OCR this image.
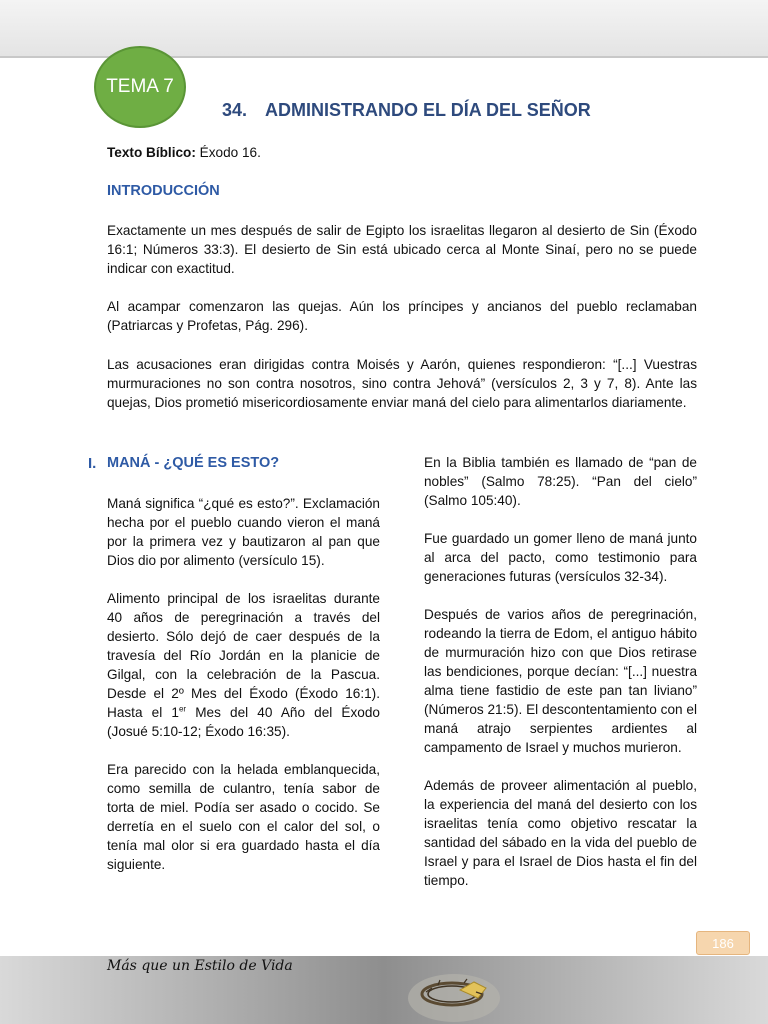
TEMA 7
34. ADMINISTRANDO EL DÍA DEL SEÑOR
Texto Bíblico: Éxodo 16.
INTRODUCCIÓN
Exactamente un mes después de salir de Egipto los israelitas llegaron al desierto de Sin (Éxodo 16:1; Números 33:3). El desierto de Sin está ubicado cerca al Monte Sinaí, pero no se puede indicar con exactitud.
Al acampar comenzaron las quejas. Aún los príncipes y ancianos del pueblo reclamaban (Patriarcas y Profetas, Pág. 296).
Las acusaciones eran dirigidas contra Moisés y Aarón, quienes respondieron: “[...] Vuestras murmuraciones no son contra nosotros, sino contra Jehová” (versículos 2, 3 y 7, 8). Ante las quejas, Dios prometió misericordiosamente enviar maná del cielo para alimentarlos diariamente.
I. MANÁ - ¿QUÉ ES ESTO?

Maná significa “¿qué es esto?”. Exclamación hecha por el pueblo cuando vieron el maná por la primera vez y bautizaron al pan que Dios dio por alimento (versículo 15).

Alimento principal de los israelitas durante 40 años de peregrinación a través del desierto. Sólo dejó de caer después de la travesía del Río Jordán en la planicie de Gilgal, con la celebración de la Pascua. Desde el 2º Mes del Éxodo (Éxodo 16:1). Hasta el 1er Mes del 40 Año del Éxodo (Josué 5:10-12; Éxodo 16:35).

Era parecido con la helada emblanquecida, como semilla de culantro, tenía sabor de torta de miel. Podía ser asado o cocido. Se derretía en el suelo con el calor del sol, o tenía mal olor si era guardado hasta el día siguiente.

En la Biblia también es llamado de “pan de nobles” (Salmo 78:25). “Pan del cielo” (Salmo 105:40).

Fue guardado un gomer lleno de maná junto al arca del pacto, como testimonio para generaciones futuras (versículos 32-34).

Después de varios años de peregrinación, rodeando la tierra de Edom, el antiguo hábito de murmuración hizo con que Dios retirase las bendiciones, porque decían: “[...] nuestra alma tiene fastidio de este pan tan liviano” (Números 21:5). El descontentamiento con el maná atrajo serpientes ardientes al campamento de Israel y muchos murieron.

Además de proveer alimentación al pueblo, la experiencia del maná del desierto con los israelitas tenía como objetivo rescatar la santidad del sábado en la vida del pueblo de Israel y para el Israel de Dios hasta el fin del tiempo.

186
Más que un Estilo de Vida
